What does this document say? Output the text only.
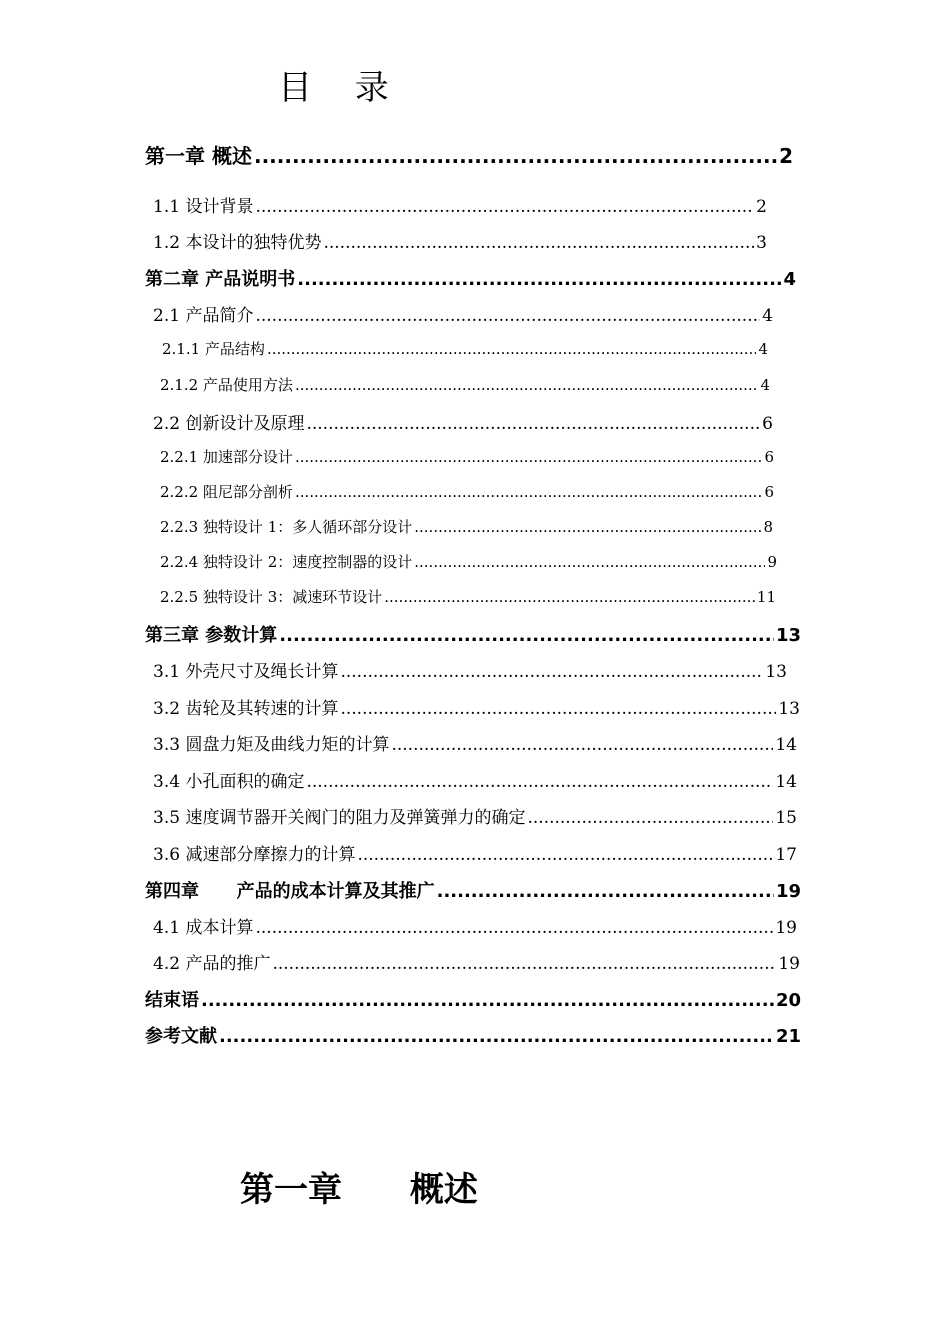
目 录
第一章 概述 .....	2
1.1 设计背景 .....	2
1.2 本设计的独特优势 .....	3
第二章 产品说明书 .....	4
2.1 产品简介 .....	4
2.1.1 产品结构 .....	4
2.1.2 产品使用方法 .....	4
2.2 创新设计及原理 .....	6
2.2.1 加速部分设计 .....	6
2.2.2 阻尼部分剖析 .....	6
2.2.3 独特设计 1：多人循环部分设计 .....	8
2.2.4 独特设计 2：速度控制器的设计 .....	9
2.2.5 独特设计 3：减速环节设计 .....	11
第三章 参数计算 .....	13
3.1 外壳尺寸及绳长计算 .....	13
3.2 齿轮及其转速的计算 .....	13
3.3 圆盘力矩及曲线力矩的计算 .....	14
3.4 小孔面积的确定 .....	14
3.5 速度调节器开关阀门的阻力及弹簧弹力的确定 .....	15
3.6 减速部分摩擦力的计算 .....	17
第四章      产品的成本计算及其推广 .....	19
4.1 成本计算 .....	19
4.2 产品的推广 .....	19
结束语 .....	20
参考文献 .....	21
第一章 概述
